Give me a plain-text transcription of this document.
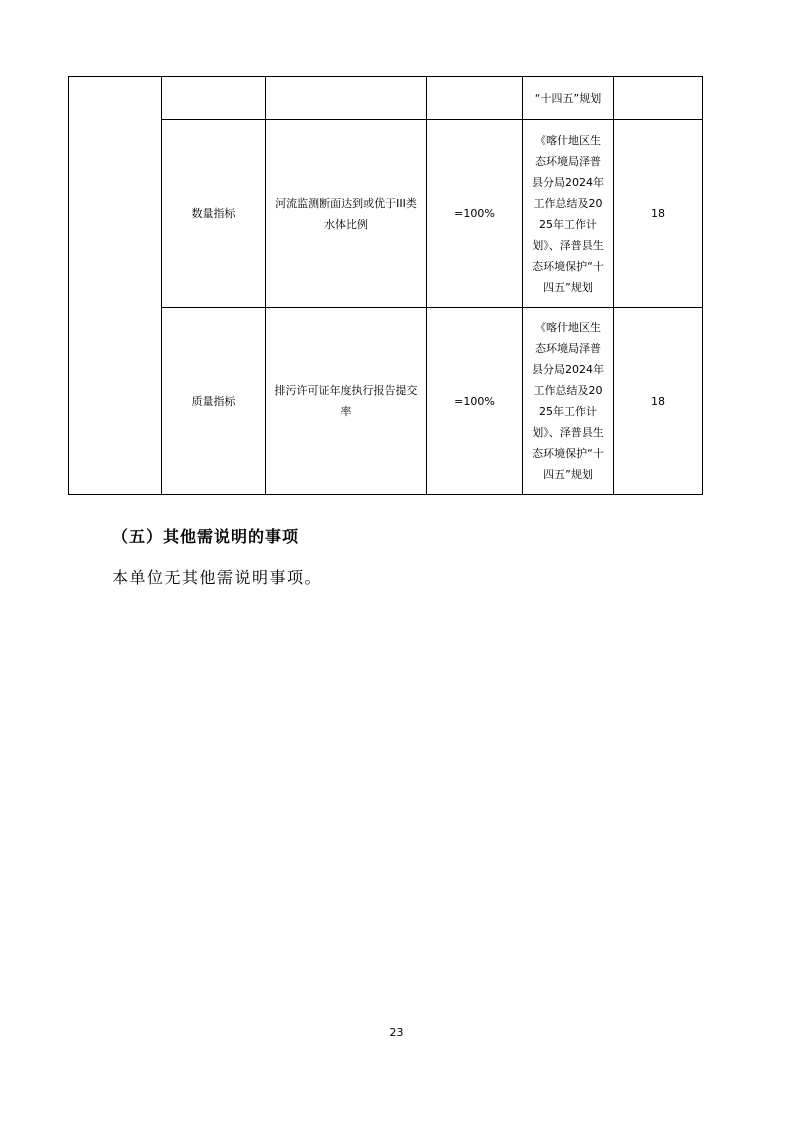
				“十四五”规划	
	数量指标	河流监测断面达到或优于III类水体比例	=100%	《喀什地区生态环境局泽普县分局2024年工作总结及2025年工作计划》、泽普县生态环境保护“十四五”规划	18
	质量指标	排污许可证年度执行报告提交率	=100%	《喀什地区生态环境局泽普县分局2024年工作总结及2025年工作计划》、泽普县生态环境保护“十四五”规划	18
（五）其他需说明的事项
本单位无其他需说明事项。
23
